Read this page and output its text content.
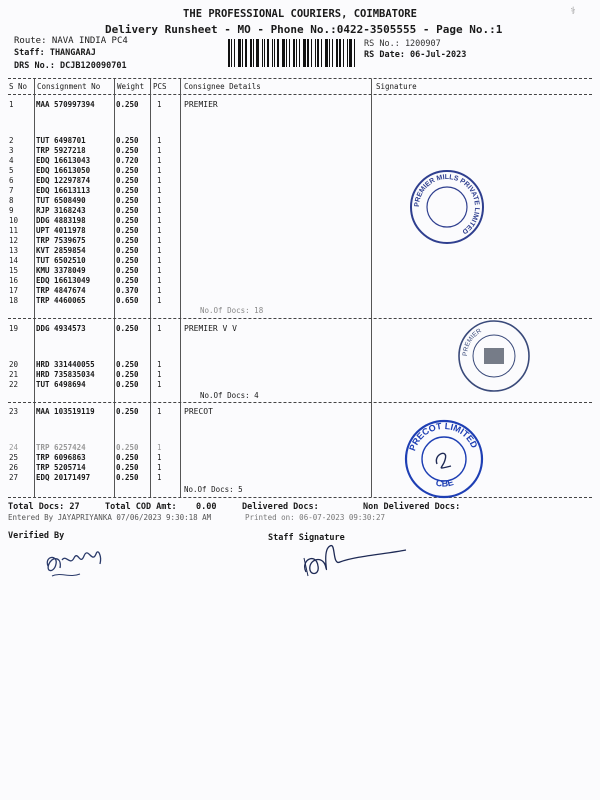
THE PROFESSIONAL COURIERS, COIMBATORE
Delivery Runsheet - MO - Phone No.:0422-3505555 - Page No.:1
Route: NAVA INDIA PC4
Staff: THANGARAJ
DRS No.: DCJB120090701
RS No.: 1200907
RS Date: 06-Jul-2023
⚕
S No Consignment No Weight PCS Consignee Details	Signature
1	MAA 570997394	0.250 1	PREMIER
2	TUT 6498701	0.250 1
3	TRP 5927218	0.250 1
4	EDQ 16613043	0.720 1
5	EDQ 16613050	0.250 1
6	EDQ 12297874	0.250 1
7	EDQ 16613113	0.250 1
8	TUT 6508490	0.250 1
9	RJP 3168243	0.250 1
10 DDG 4883198	0.250 1
11 UPT 4011978	0.250 1
12 TRP 7539675	0.250 1
13 KVT 2859854	0.250 1
14 TUT 6502510	0.250 1
15 KMU 3378049	0.250 1
16 EDQ 16613049	0.250 1
17 TRP 4847674	0.370 1
18 TRP 4460065	0.650 1
No.Of Docs: 18
19 DDG 4934573	0.250 1	PREMIER V V
20 HRD 331440055	0.250 1
21 HRD 735835034	0.250 1
22 TUT 6498694	0.250 1
No.Of Docs: 4
23 MAA 103519119	0.250 1	PRECOT
24 TRP 6257424	0.250 1
25 TRP 6096863	0.250 1
26 TRP 5205714	0.250 1
27 EDQ 20171497	0.250 1
No.Of Docs: 5
Total Docs: 27	Total COD Amt: 0.00	Delivered Docs:	Non Delivered Docs:
Entered By JAYAPRIYANKA 07/06/2023 9:30:18 AM	Printed on: 06-07-2023 09:30:27
Verified By	Staff Signature
PREMIER MILLS PRIVATE LIMITED
PREMIER
PRECOT LIMITED
CBE
